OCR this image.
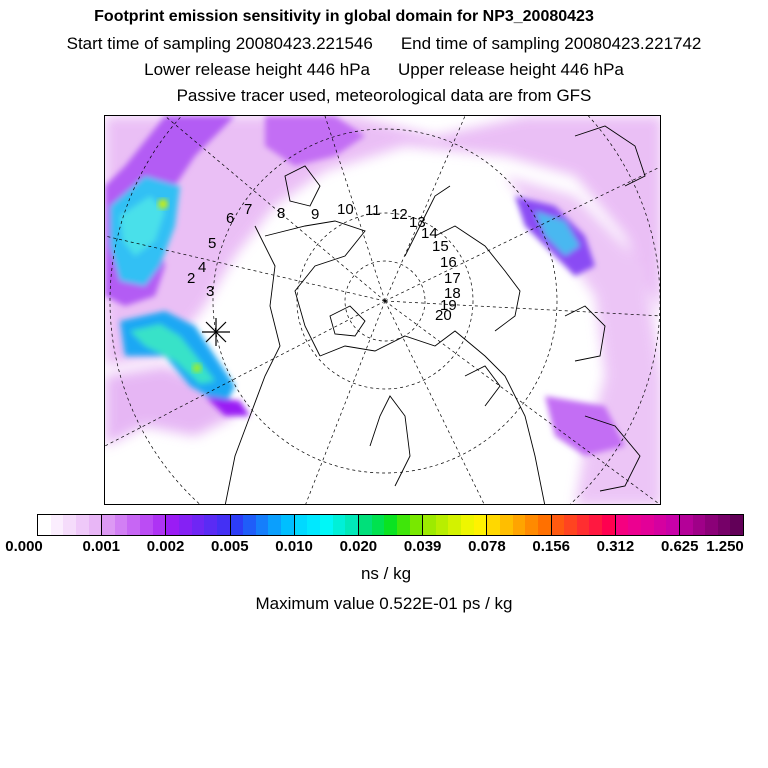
Footprint emission sensitivity in global domain for NP3_20080423
Start time of sampling 20080423.221546 End time of sampling 20080423.221742
Lower release height 446 hPa Upper release height 446 hPa
Passive tracer used, meteorological data are from GFS
2
3
4
5
6
7 8 9 10 11 12 13
14
15
16
17
18
19
20
0.000	0.001 0.002 0.005 0.010 0.020 0.039 0.078 0.156 0.312 0.625 1.250
ns / kg
Maximum value 0.522E-01 ps / kg
